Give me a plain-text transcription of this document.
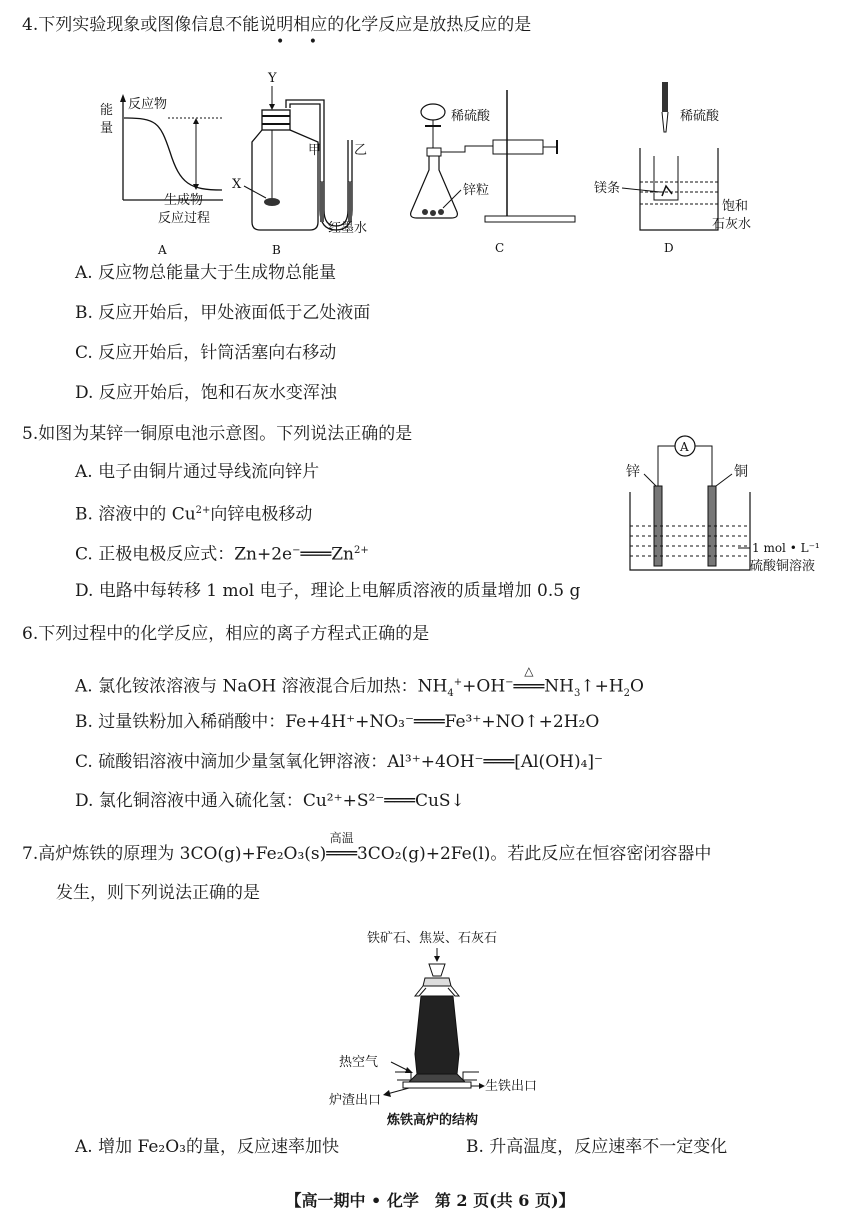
4.下列实验现象或图像信息不能说明相应的化学反应是放热反应的是
• •
能
量
反应物
生成物
反应过程
A
Y
X
甲	乙
红墨水
B
稀硫酸
锌粒
C
稀硫酸
镁条
饱和
石灰水
D
A. 反应物总能量大于生成物总能量
B. 反应开始后，甲处液面低于乙处液面
C. 反应开始后，针筒活塞向右移动
D. 反应开始后，饱和石灰水变浑浊
5.如图为某锌一铜原电池示意图。下列说法正确的是
A. 电子由铜片通过导线流向锌片
B. 溶液中的 $Cu^{2+}$向锌电极移动
C. 正极电极反应式：$Zn+2e^-═══Zn^{2+}$
D. 电路中每转移 1 mol 电子，理论上电解质溶液的质量增加 0.5 g
A
锌	铜
1 mol • L⁻¹
硫酸铜溶液
6.下列过程中的化学反应，相应的离子方程式正确的是
A. 氯化铵浓溶液与 NaOH 溶液混合后加热：$NH_4^++OH^-$
△
$═══NH_3↑+H_2O$
B. 过量铁粉加入稀硝酸中：Fe+4H⁺+NO₃⁻═══Fe³⁺+NO↑+2H₂O
C. 硫酸铝溶液中滴加少量氢氧化钾溶液：Al³⁺+4OH⁻═══[Al(OH)₄]⁻
D. 氯化铜溶液中通入硫化氢：Cu²⁺+S²⁻═══CuS↓
7.高炉炼铁的原理为 3CO(g)+Fe₂O₃(s)
高温
═══3CO₂(g)+2Fe(l)。若此反应在恒容密闭容器中
发生，则下列说法正确的是
铁矿石、焦炭、石灰石
热空气
炉渣出口
生铁出口
炼铁高炉的结构
A. 增加 Fe₂O₃的量，反应速率加快	B. 升高温度，反应速率不一定变化
【高一期中 • 化学　第 2 页(共 6 页)】
